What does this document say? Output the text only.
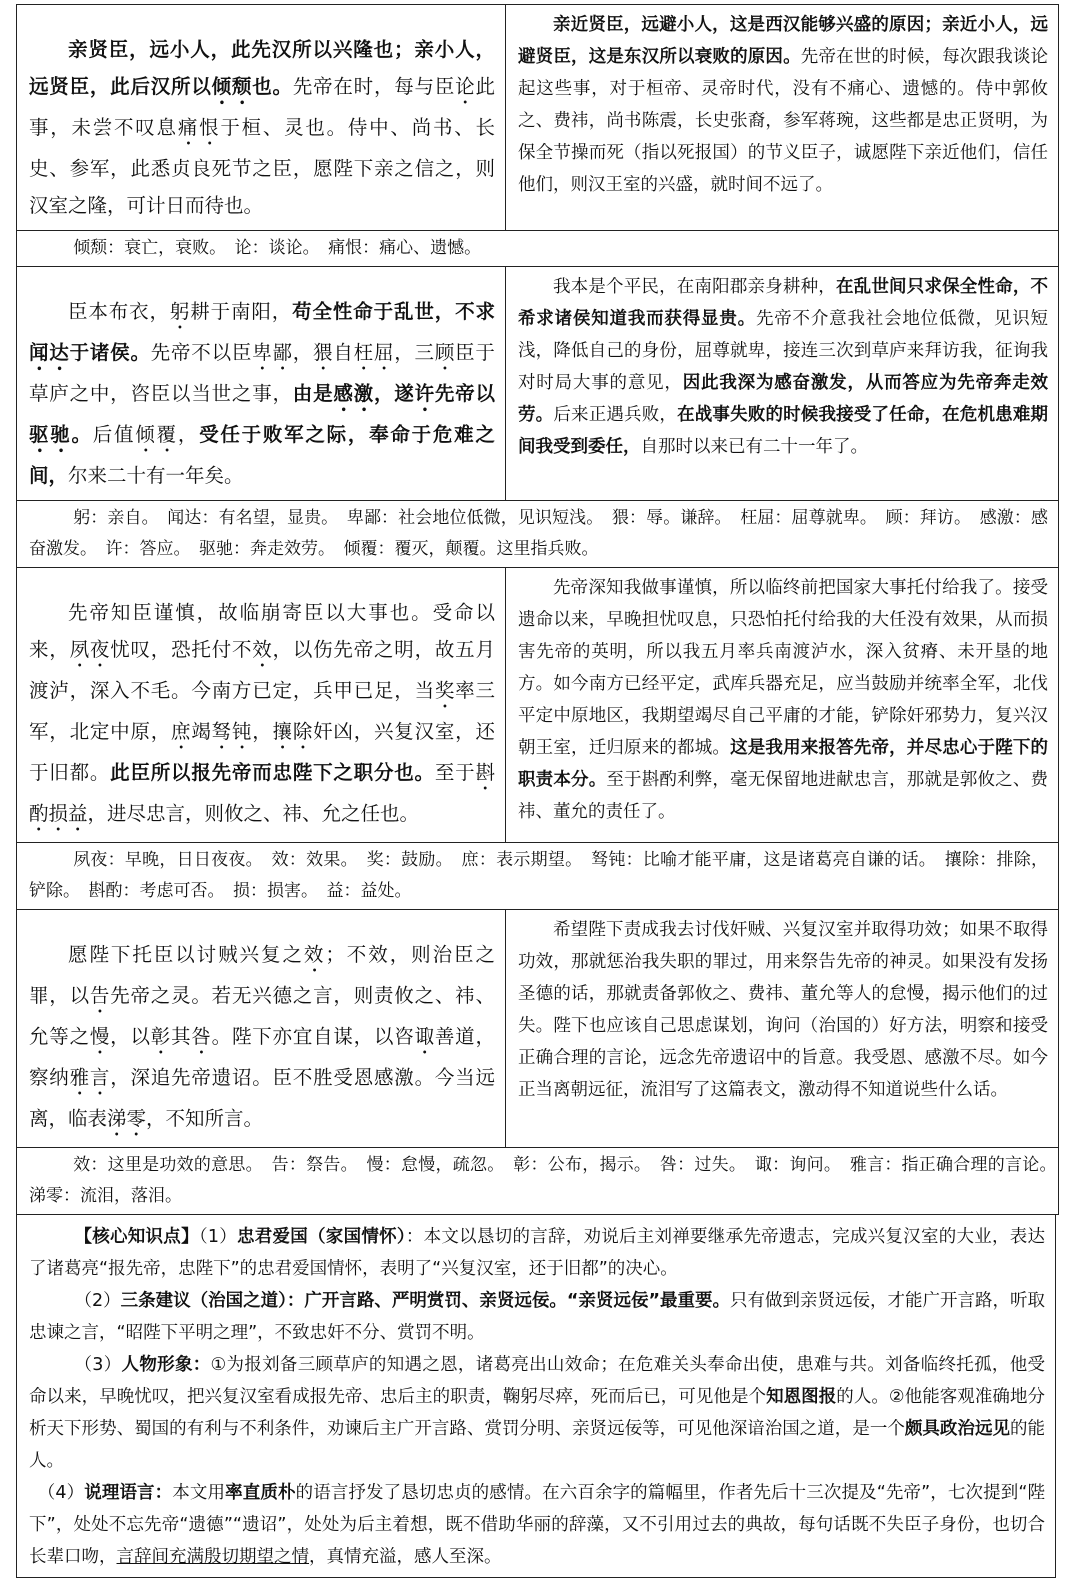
亲贤臣，远小人，此先汉所以兴隆也；亲小人，远贤臣，此后汉所以倾颓也。先帝在时，每与臣论此事，未尝不叹息痛恨于桓、灵也。侍中、尚书、长史、参军，此悉贞良死节之臣，愿陛下亲之信之，则汉室之隆，可计日而待也。	亲近贤臣，远避小人，这是西汉能够兴盛的原因；亲近小人，远避贤臣，这是东汉所以衰败的原因。先帝在世的时候，每次跟我谈论起这些事，对于桓帝、灵帝时代，没有不痛心、遗憾的。侍中郭攸之、费祎，尚书陈震，长史张裔，参军蒋琬，这些都是忠正贤明，为保全节操而死（指以死报国）的节义臣子，诚愿陛下亲近他们，信任他们，则汉王室的兴盛，就时间不远了。

倾颓：衰亡，衰败。　论：谈论。　痛恨：痛心、遗憾。	

臣本布衣，躬耕于南阳，苟全性命于乱世，不求闻达于诸侯。先帝不以臣卑鄙，猥自枉屈，三顾臣于草庐之中，咨臣以当世之事，由是感激，遂许先帝以驱驰。后值倾覆，受任于败军之际，奉命于危难之间，尔来二十有一年矣。	我本是个平民，在南阳郡亲身耕种，在乱世间只求保全性命，不希求诸侯知道我而获得显贵。先帝不介意我社会地位低微，见识短浅，降低自己的身份，屈尊就卑，接连三次到草庐来拜访我，征询我对时局大事的意见，因此我深为感奋激发，从而答应为先帝奔走效劳。后来正遇兵败，在战事失败的时候我接受了任命，在危机患难期间我受到委任，自那时以来已有二十一年了。

躬：亲自。　闻达：有名望，显贵。　卑鄙：社会地位低微，见识短浅。　猥：辱。谦辞。　枉屈：屈尊就卑。　顾：拜访。　感激：感奋激发。　许：答应。　驱驰：奔走效劳。　倾覆：覆灭，颠覆。这里指兵败。	

先帝知臣谨慎，故临崩寄臣以大事也。受命以来，夙夜忧叹，恐托付不效，以伤先帝之明，故五月渡泸，深入不毛。今南方已定，兵甲已足，当奖率三军，北定中原，庶竭驽钝，攘除奸凶，兴复汉室，还于旧都。此臣所以报先帝而忠陛下之职分也。至于斟酌损益，进尽忠言，则攸之、祎、允之任也。	先帝深知我做事谨慎，所以临终前把国家大事托付给我了。接受遗命以来，早晚担忧叹息，只恐怕托付给我的大任没有效果，从而损害先帝的英明，所以我五月率兵南渡泸水，深入贫瘠、未开垦的地方。如今南方已经平定，武库兵器充足，应当鼓励并统率全军，北伐平定中原地区，我期望竭尽自己平庸的才能，铲除奸邪势力，复兴汉朝王室，迁归原来的都城。这是我用来报答先帝，并尽忠心于陛下的职责本分。至于斟酌利弊，毫无保留地进献忠言，那就是郭攸之、费祎、董允的责任了。

夙夜：早晚，日日夜夜。　效：效果。　奖：鼓励。　庶：表示期望。　驽钝：比喻才能平庸，这是诸葛亮自谦的话。　攘除：排除，铲除。　斟酌：考虑可否。　损：损害。　益：益处。	

愿陛下托臣以讨贼兴复之效；不效，则治臣之罪，以告先帝之灵。若无兴德之言，则责攸之、祎、允等之慢，以彰其咎。陛下亦宜自谋，以咨诹善道，察纳雅言，深追先帝遗诏。臣不胜受恩感激。今当远离，临表涕零，不知所言。	希望陛下责成我去讨伐奸贼、兴复汉室并取得功效；如果不取得功效，那就惩治我失职的罪过，用来祭告先帝的神灵。如果没有发扬圣德的话，那就责备郭攸之、费祎、董允等人的怠慢，揭示他们的过失。陛下也应该自己思虑谋划，询问（治国的）好方法，明察和接受正确合理的言论，远念先帝遗诏中的旨意。我受恩、感激不尽。如今正当离朝远征，流泪写了这篇表文，激动得不知道说些什么话。

效：这里是功效的意思。　告：祭告。　慢：怠慢，疏忽。　彰：公布，揭示。　咎：过失。　诹：询问。　雅言：指正确合理的言论。　涕零：流泪，落泪。	

【核心知识点】（1）忠君爱国（家国情怀）：本文以恳切的言辞，劝说后主刘禅要继承先帝遗志，完成兴复汉室的大业，表达了诸葛亮“报先帝，忠陛下”的忠君爱国情怀，表明了“兴复汉室，还于旧都”的决心。

（2）三条建议（治国之道）：广开言路、严明赏罚、亲贤远佞。“亲贤远佞”最重要。只有做到亲贤远佞，才能广开言路，听取忠谏之言，“昭陛下平明之理”，不致忠奸不分、赏罚不明。

（3）人物形象：①为报刘备三顾草庐的知遇之恩，诸葛亮出山效命；在危难关头奉命出使，患难与共。刘备临终托孤，他受命以来，早晚忧叹，把兴复汉室看成报先帝、忠后主的职责，鞠躬尽瘁，死而后已，可见他是个知恩图报的人。②他能客观准确地分析天下形势、蜀国的有利与不利条件，劝谏后主广开言路、赏罚分明、亲贤远佞等，可见他深谙治国之道，是一个颇具政治远见的能人。

（4）说理语言：本文用率直质朴的语言抒发了恳切忠贞的感情。在六百余字的篇幅里，作者先后十三次提及“先帝”，七次提到“陛下”，处处不忘先帝“遗德”“遗诏”，处处为后主着想，既不借助华丽的辞藻，又不引用过去的典故，每句话既不失臣子身份，也切合长辈口吻，言辞间充满殷切期望之情，真情充溢，感人至深。
